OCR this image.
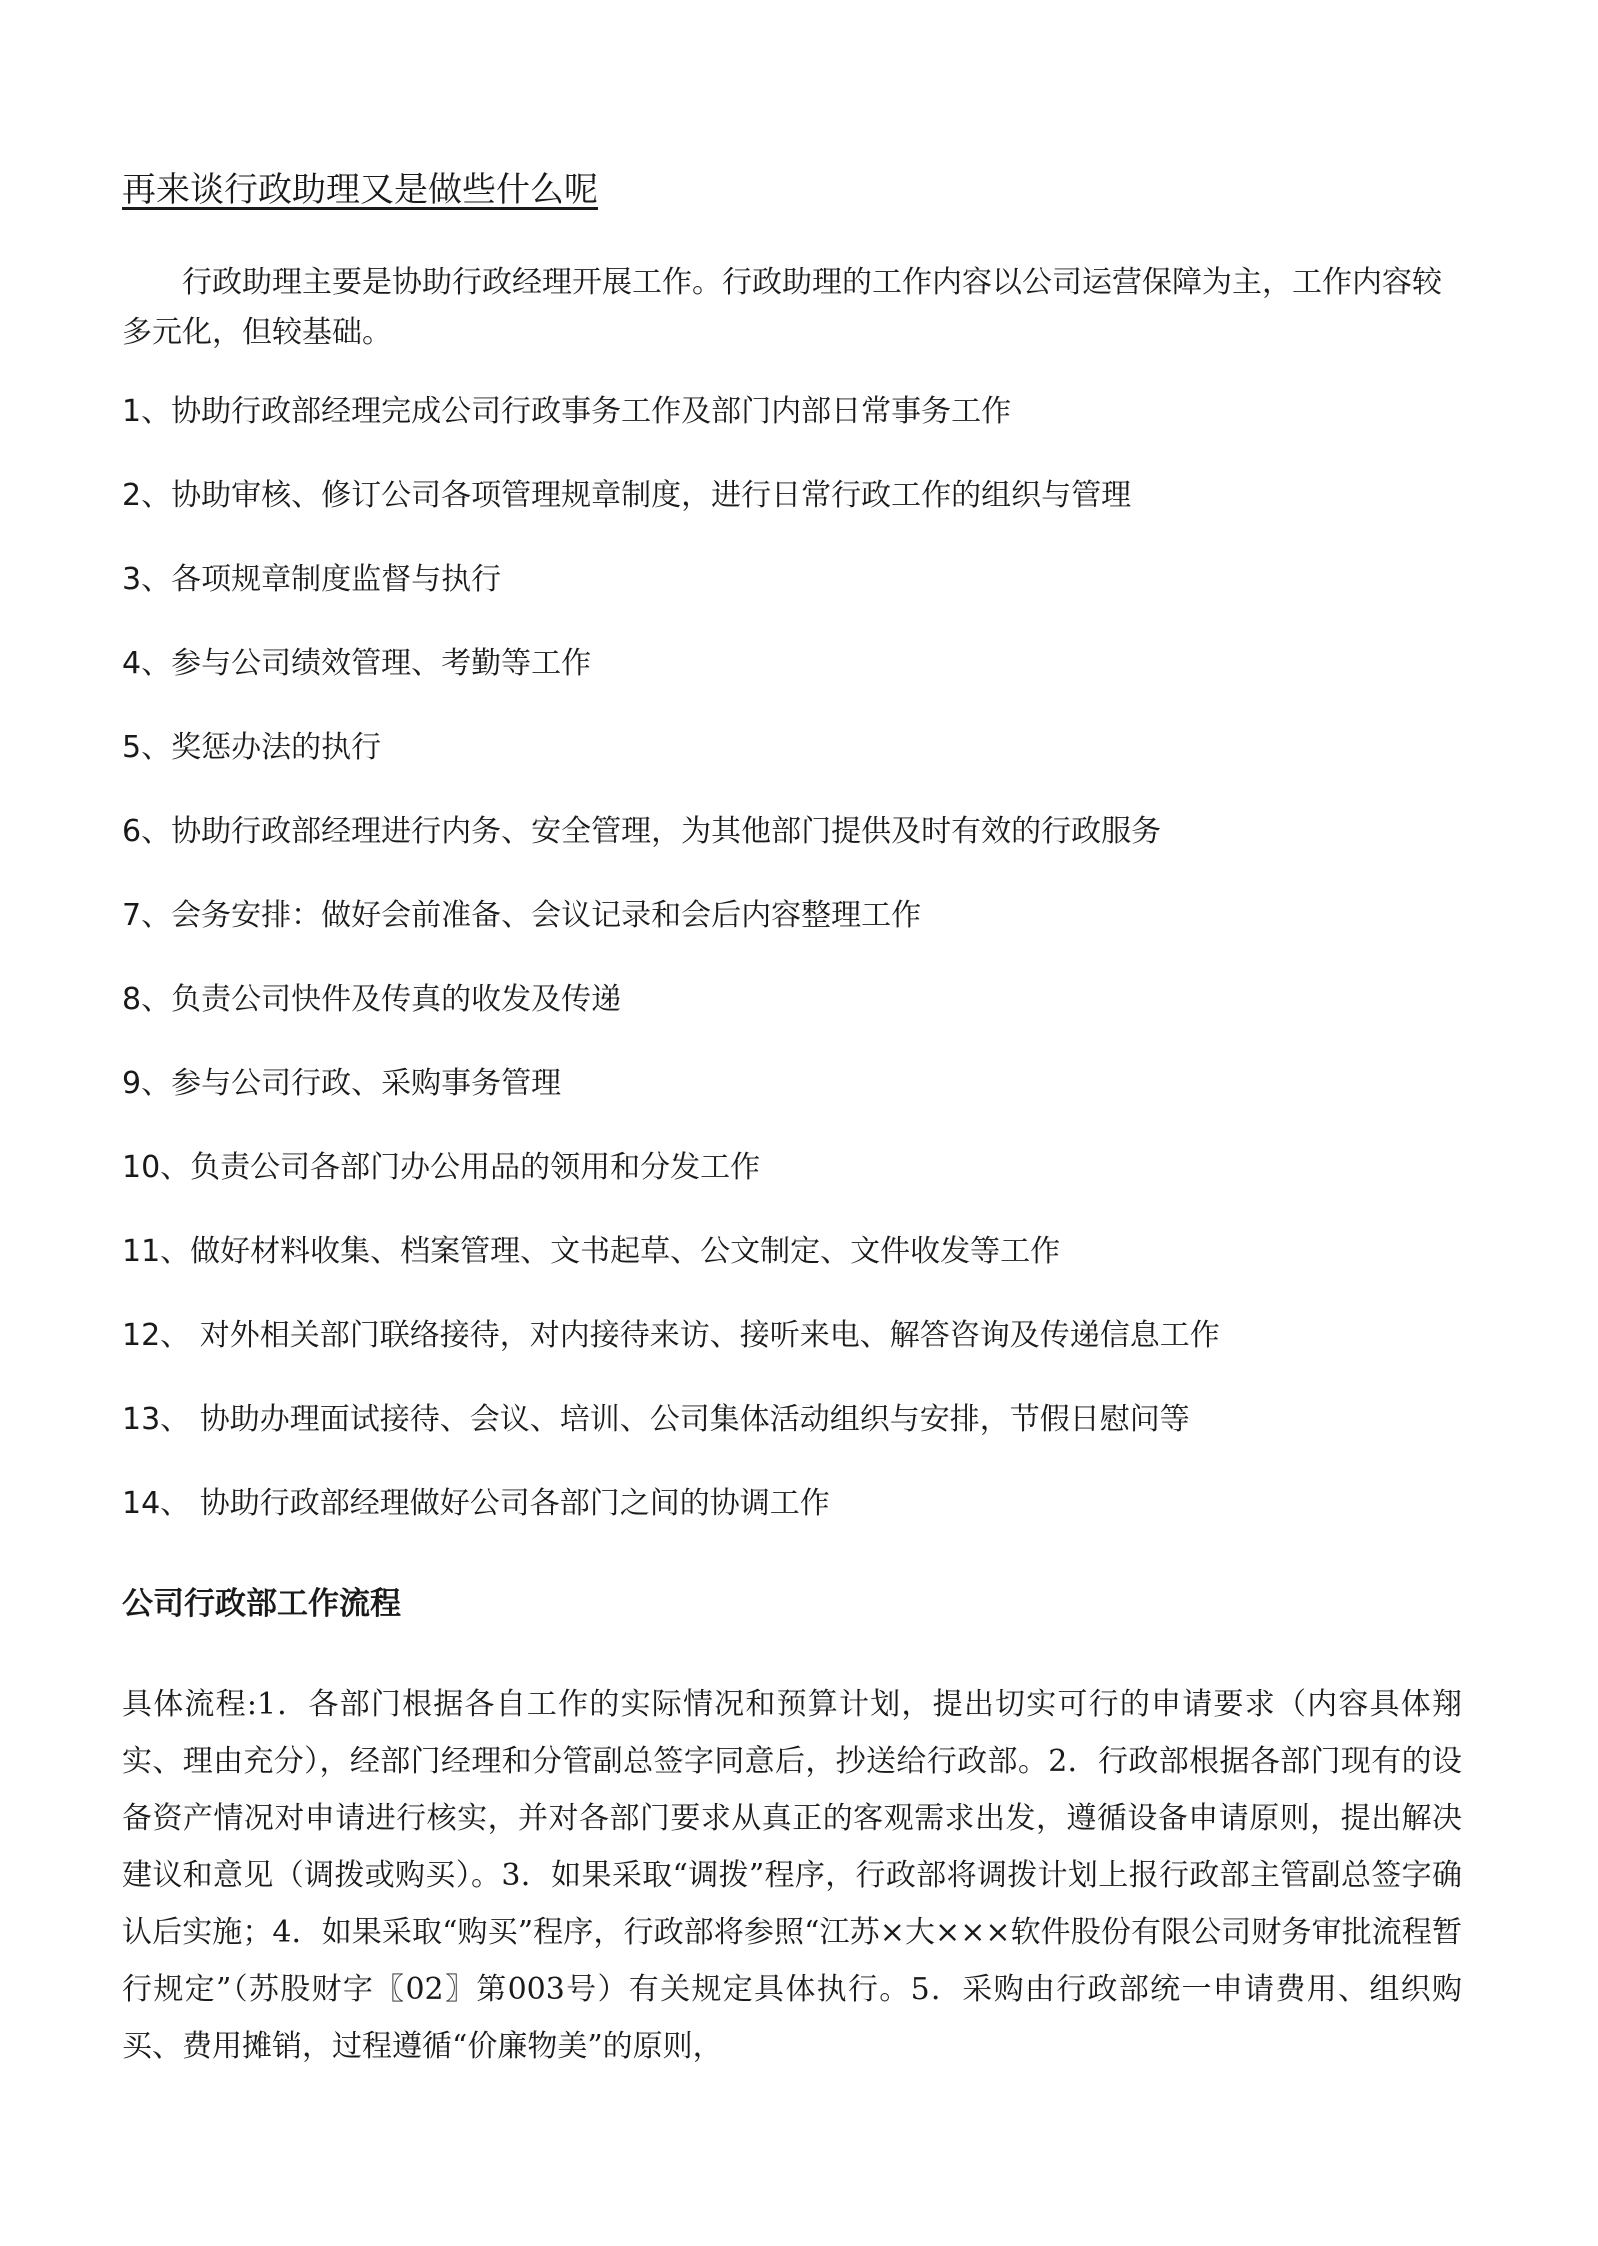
再来谈行政助理又是做些什么呢
行政助理主要是协助行政经理开展工作。行政助理的工作内容以公司运营保障为主，工作内容较多元化，但较基础。
1、协助行政部经理完成公司行政事务工作及部门内部日常事务工作
2、协助审核、修订公司各项管理规章制度，进行日常行政工作的组织与管理
3、各项规章制度监督与执行
4、参与公司绩效管理、考勤等工作
5、奖惩办法的执行
6、协助行政部经理进行内务、安全管理，为其他部门提供及时有效的行政服务
7、会务安排：做好会前准备、会议记录和会后内容整理工作
8、负责公司快件及传真的收发及传递
9、参与公司行政、采购事务管理
10、负责公司各部门办公用品的领用和分发工作
11、做好材料收集、档案管理、文书起草、公文制定、文件收发等工作
12、 对外相关部门联络接待，对内接待来访、接听来电、解答咨询及传递信息工作
13、 协助办理面试接待、会议、培训、公司集体活动组织与安排，节假日慰问等
14、 协助行政部经理做好公司各部门之间的协调工作
公司行政部工作流程
具体流程:1．各部门根据各自工作的实际情况和预算计划，提出切实可行的申请要求（内容具体翔实、理由充分），经部门经理和分管副总签字同意后，抄送给行政部。2．行政部根据各部门现有的设备资产情况对申请进行核实，并对各部门要求从真正的客观需求出发，遵循设备申请原则，提出解决建议和意见（调拨或购买）。3．如果采取“调拨”程序，行政部将调拨计划上报行政部主管副总签字确认后实施；4．如果采取“购买”程序，行政部将参照“江苏×大×××软件股份有限公司财务审批流程暂行规定”（苏股财字〖02〗第003号）有关规定具体执行。5．采购由行政部统一申请费用、组织购买、费用摊销，过程遵循“价廉物美”的原则，
